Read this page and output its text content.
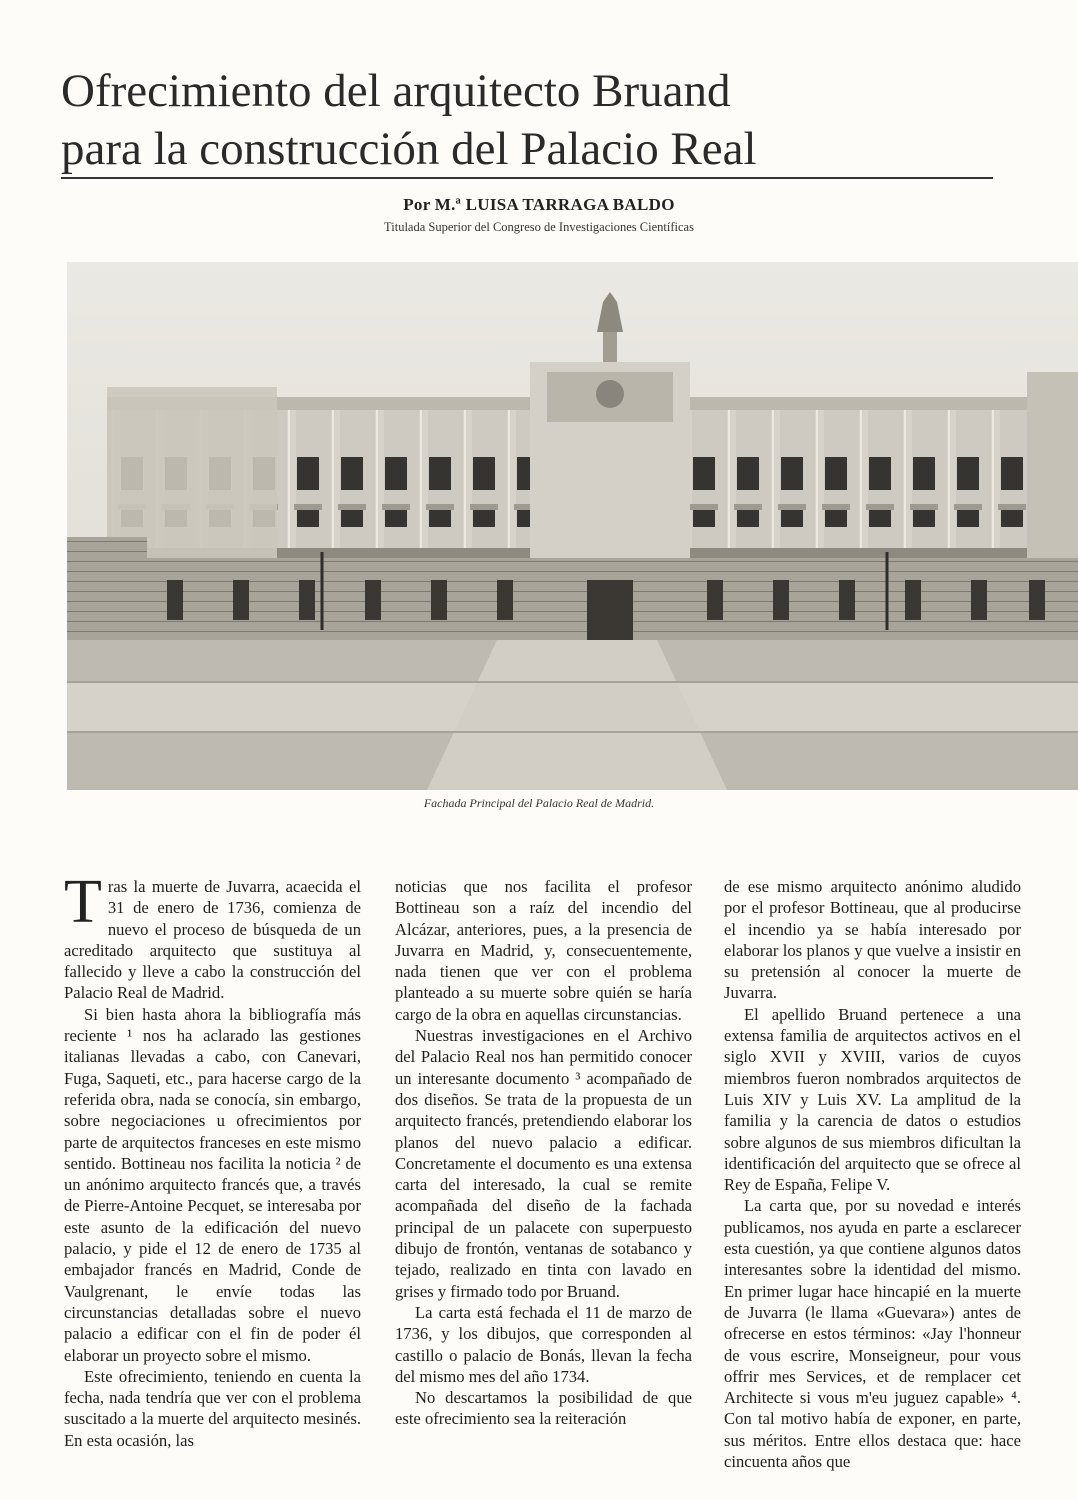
Ofrecimiento del arquitecto Bruand
para la construcción del Palacio Real
Por M.ª LUISA TARRAGA BALDO
Titulada Superior del Congreso de Investigaciones Científicas
Fachada Principal del Palacio Real de Madrid.

Tras la muerte de Juvarra, acaecida el 31 de enero de 1736, comienza de nuevo el proceso de búsqueda de un acreditado arquitecto que sustituya al fallecido y lleve a cabo la construcción del Palacio Real de Madrid.

Si bien hasta ahora la bibliografía más reciente ¹ nos ha aclarado las gestiones italianas llevadas a cabo, con Canevari, Fuga, Saqueti, etc., para hacerse cargo de la referida obra, nada se conocía, sin embargo, sobre negociaciones u ofrecimientos por parte de arquitectos franceses en este mismo sentido. Bottineau nos facilita la noticia ² de un anónimo arquitecto francés que, a través de Pierre-Antoine Pecquet, se interesaba por este asunto de la edificación del nuevo palacio, y pide el 12 de enero de 1735 al embajador francés en Madrid, Conde de Vaulgrenant, le envíe todas las circunstancias detalladas sobre el nuevo palacio a edificar con el fin de poder él elaborar un proyecto sobre el mismo.

Este ofrecimiento, teniendo en cuenta la fecha, nada tendría que ver con el problema suscitado a la muerte del arquitecto mesinés. En esta ocasión, las

noticias que nos facilita el profesor Bottineau son a raíz del incendio del Alcázar, anteriores, pues, a la presencia de Juvarra en Madrid, y, consecuentemente, nada tienen que ver con el problema planteado a su muerte sobre quién se haría cargo de la obra en aquellas circunstancias.

Nuestras investigaciones en el Archivo del Palacio Real nos han permitido conocer un interesante documento ³ acompañado de dos diseños. Se trata de la propuesta de un arquitecto francés, pretendiendo elaborar los planos del nuevo palacio a edificar. Concretamente el documento es una extensa carta del interesado, la cual se remite acompañada del diseño de la fachada principal de un palacete con superpuesto dibujo de frontón, ventanas de sotabanco y tejado, realizado en tinta con lavado en grises y firmado todo por Bruand.

La carta está fechada el 11 de marzo de 1736, y los dibujos, que corresponden al castillo o palacio de Bonás, llevan la fecha del mismo mes del año 1734.

No descartamos la posibilidad de que este ofrecimiento sea la reiteración

de ese mismo arquitecto anónimo aludido por el profesor Bottineau, que al producirse el incendio ya se había interesado por elaborar los planos y que vuelve a insistir en su pretensión al conocer la muerte de Juvarra.

El apellido Bruand pertenece a una extensa familia de arquitectos activos en el siglo XVII y XVIII, varios de cuyos miembros fueron nombrados arquitectos de Luis XIV y Luis XV. La amplitud de la familia y la carencia de datos o estudios sobre algunos de sus miembros dificultan la identificación del arquitecto que se ofrece al Rey de España, Felipe V.

La carta que, por su novedad e interés publicamos, nos ayuda en parte a esclarecer esta cuestión, ya que contiene algunos datos interesantes sobre la identidad del mismo. En primer lugar hace hincapié en la muerte de Juvarra (le llama «Guevara») antes de ofrecerse en estos términos: «Jay l'honneur de vous escrire, Monseigneur, pour vous offrir mes Services, et de remplacer cet Architecte si vous m'eu juguez capable» ⁴. Con tal motivo había de exponer, en parte, sus méritos. Entre ellos destaca que: hace cincuenta años que
